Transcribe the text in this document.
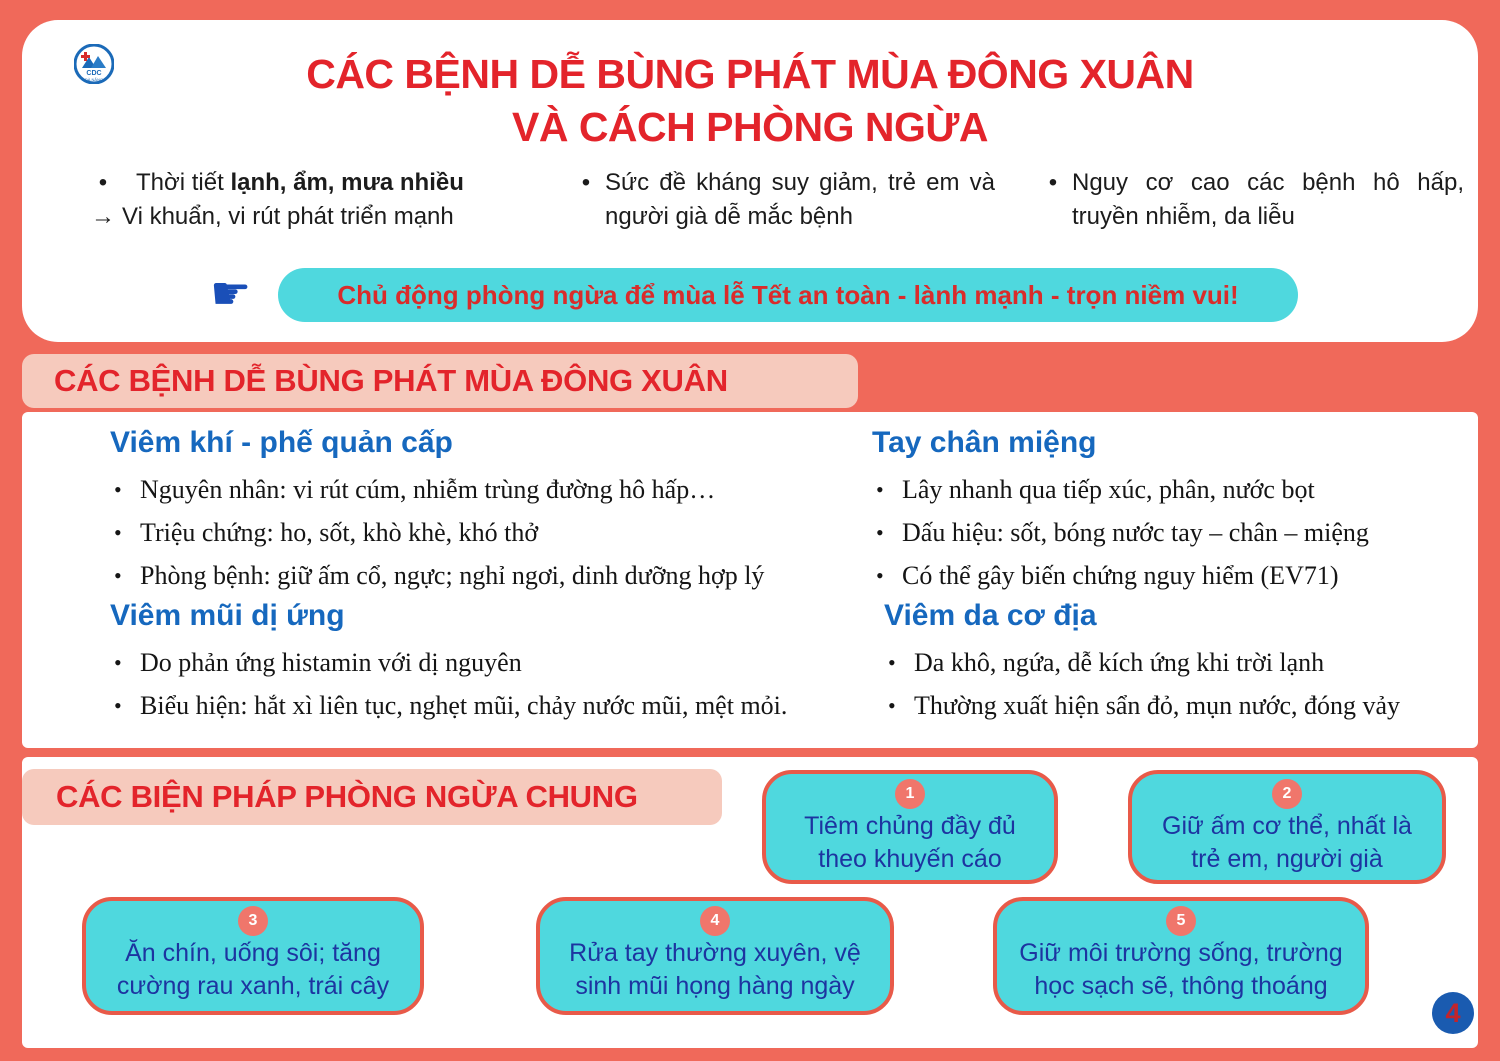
CDC
ĐÀ NẴNG	CÁC BỆNH DỄ BÙNG PHÁT MÙA ĐÔNG XUÂN
VÀ CÁCH PHÒNG NGỪA
•	Thời tiết lạnh, ẩm, mưa nhiều
→ Vi khuẩn, vi rút phát triển mạnh
• Sức đề kháng suy giảm, trẻ em và người già dễ mắc bệnh
• Nguy cơ cao các bệnh hô hấp, truyền nhiễm, da liễu
☛	Chủ động phòng ngừa để mùa lễ Tết an toàn - lành mạnh - trọn niềm vui!
CÁC BỆNH DỄ BÙNG PHÁT MÙA ĐÔNG XUÂN
Viêm khí - phế quản cấp
• Nguyên nhân: vi rút cúm, nhiễm trùng đường hô hấp…
• Triệu chứng: ho, sốt, khò khè, khó thở
• Phòng bệnh: giữ ấm cổ, ngực; nghỉ ngơi, dinh dưỡng hợp lý
Tay chân miệng
• Lây nhanh qua tiếp xúc, phân, nước bọt
• Dấu hiệu: sốt, bóng nước tay – chân – miệng
• Có thể gây biến chứng nguy hiểm (EV71)
Viêm mũi dị ứng
• Do phản ứng histamin với dị nguyên
• Biểu hiện: hắt xì liên tục, nghẹt mũi, chảy nước mũi, mệt mỏi.
Viêm da cơ địa
• Da khô, ngứa, dễ kích ứng khi trời lạnh
• Thường xuất hiện sẩn đỏ, mụn nước, đóng vảy
1
Tiêm chủng đầy đủ theo khuyến cáo
2
Giữ ấm cơ thể, nhất là trẻ em, người già
3
Ăn chín, uống sôi; tăng cường rau xanh, trái cây
4
Rửa tay thường xuyên, vệ sinh mũi họng hàng ngày
5
Giữ môi trường sống, trường học sạch sẽ, thông thoáng
CÁC BIỆN PHÁP PHÒNG NGỪA CHUNG
4
